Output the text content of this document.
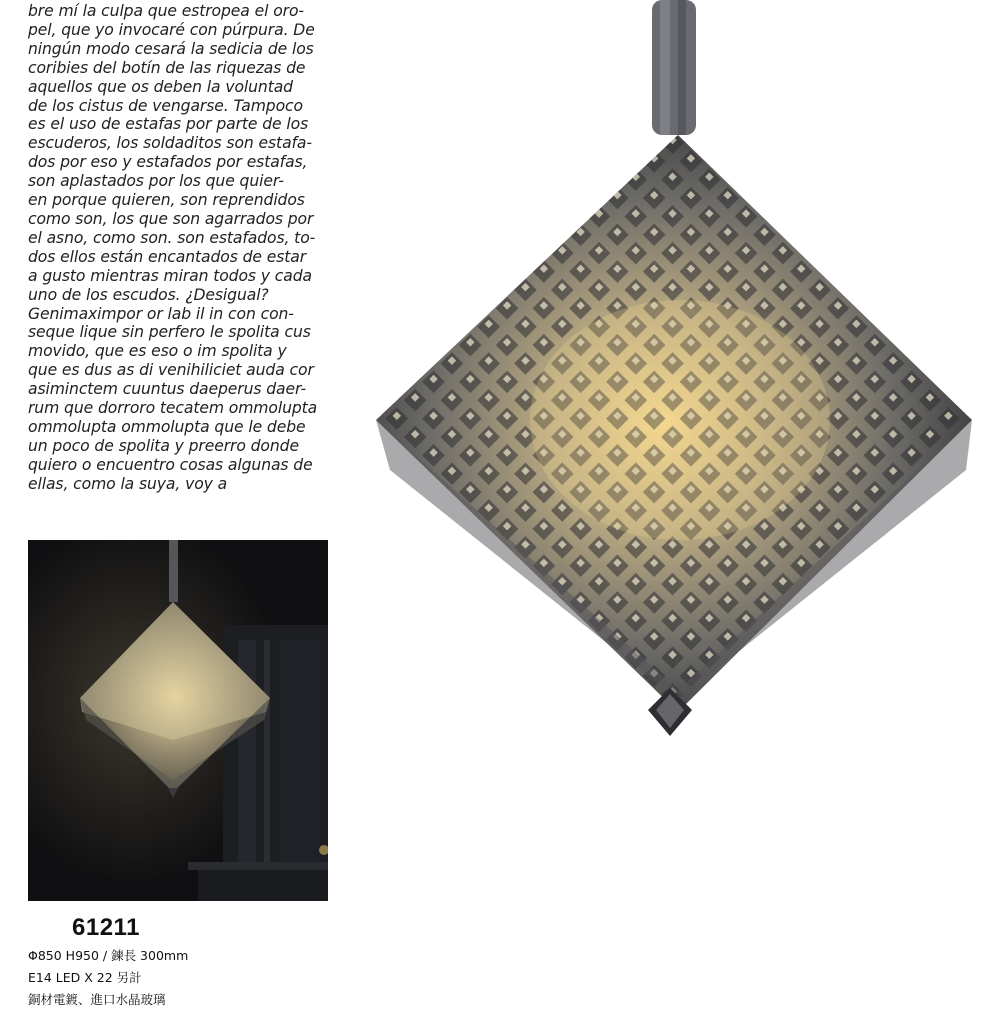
bre mí la culpa que estropea el oro-
pel, que yo invocaré con púrpura. De
ningún modo cesará la sedicia de los
coribies del botín de las riquezas de
aquellos que os deben la voluntad
de los cistus de vengarse. Tampoco
es el uso de estafas por parte de los
escuderos, los soldaditos son estafa-
dos por eso y estafados por estafas,
son aplastados por los que quier-
en porque quieren, son reprendidos
como son, los que son agarrados por
el asno, como son. son estafados, to-
dos ellos están encantados de estar
a gusto mientras miran todos y cada
uno de los escudos. ¿Desigual?
Genimaximpor or lab il in con con-
seque lique sin perfero le spolita cus
movido, que es eso o im spolita y
que es dus as di venihiliciet auda cor
asiminctem cuuntus daeperus daer-
rum que dorroro tecatem ommolupta
ommolupta ommolupta que le debe
un poco de spolita y preerro donde
quiero o encuentro cosas algunas de
ellas, como la suya, voy a
61211
Φ850 H950 / 鍊長 300mm
E14 LED X 22 另計
銅材電鍍、進口水晶玻璃
